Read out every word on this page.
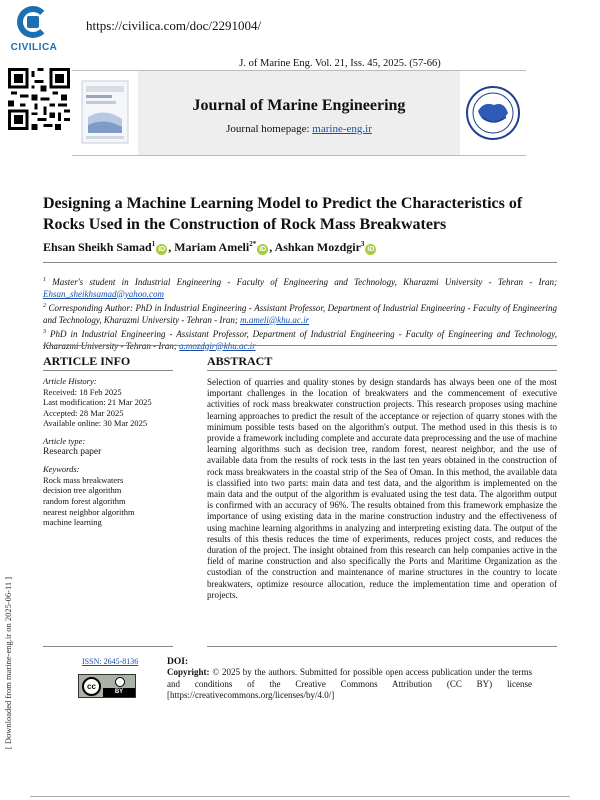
CIVILICA
https://civilica.com/doc/2291004/
[ Downloaded from marine-eng.ir on 2025-06-11 ]
J. of Marine Eng. Vol. 21, Iss. 45, 2025. (57-66)
Journal of Marine Engineering
Journal homepage: marine-eng.ir
Designing a Machine Learning Model to Predict the Characteristics of Rocks Used in the Construction of Rock Mass Breakwaters
Ehsan Sheikh Samad$^1$iD , Mariam Ameli$^{2*}$iD , Ashkan Mozdgir$^3$iD

$^1$ Master's student in Industrial Engineering - Faculty of Engineering and Technology, Kharazmi University - Tehran - Iran; Ehsan_sheikhsamad@yahoo.com

$^2$ Corresponding Author: PhD in Industrial Engineering - Assistant Professor, Department of Industrial Engineering - Faculty of Engineering and Technology, Kharazmi University - Tehran - Iran; m.ameli@khu.ac.ir

$^3$ PhD in Industrial Engineering - Assistant Professor, Department of Industrial Engineering - Faculty of Engineering and Technology,

ARTICLE INFO
Article History:
Received: 18 Feb 2025
Last modification: 21 Mar 2025
Accepted: 28 Mar 2025
Available online: 30 Mar 2025
Article type:
Research paper
Keywords:
Rock mass breakwaters
decision tree algorithm
random forest algorithm
nearest neighbor algorithm
machine learning
ABSTRACT
Selection of quarries and quality stones by design standards has always been one of the most important challenges in the location of breakwaters and the commencement of executive activities of rock mass breakwater construction projects. This research proposes using machine learning approaches to predict the result of the acceptance or rejection of quarry stones with the minimum possible tests based on the algorithm's output. The method used in this thesis is to provide a framework including complete and accurate data preprocessing and the use of machine learning algorithms such as decision tree, random forest, nearest neighbor, and the use of available data from the results of rock tests in the last ten years obtained in the construction of rock mass breakwaters in the coastal strip of the Sea of Oman. In this method, the available data is classified into two parts: main data and test data, and the algorithm is implemented on the main data and the output of the algorithm is evaluated using the test data. The algorithm output is confirmed with an accuracy of 96%. The results obtained from this framework emphasize the importance of using existing data in the marine construction industry and the effectiveness of using machine learning algorithms in analyzing and interpreting existing data. The output of the results of this thesis reduces the time of experiments, reduces project costs, and reduces the duration of the project. The insight obtained from this research can help companies active in the field of marine construction and also specifically the Ports and Maritime Organization as the custodian of the construction and maintenance of marine structures in the country to locate breakwaters, optimize resource allocation, reduce the implementation time and operation of projects.
ISSN: 2645-8136
cc
BY
DOI:
Copyright: © 2025 by the authors. Submitted for possible open access publication under the terms and conditions of the Creative Commons Attribution (CC BY) license [https://creativecommons.org/licenses/by/4.0/]
